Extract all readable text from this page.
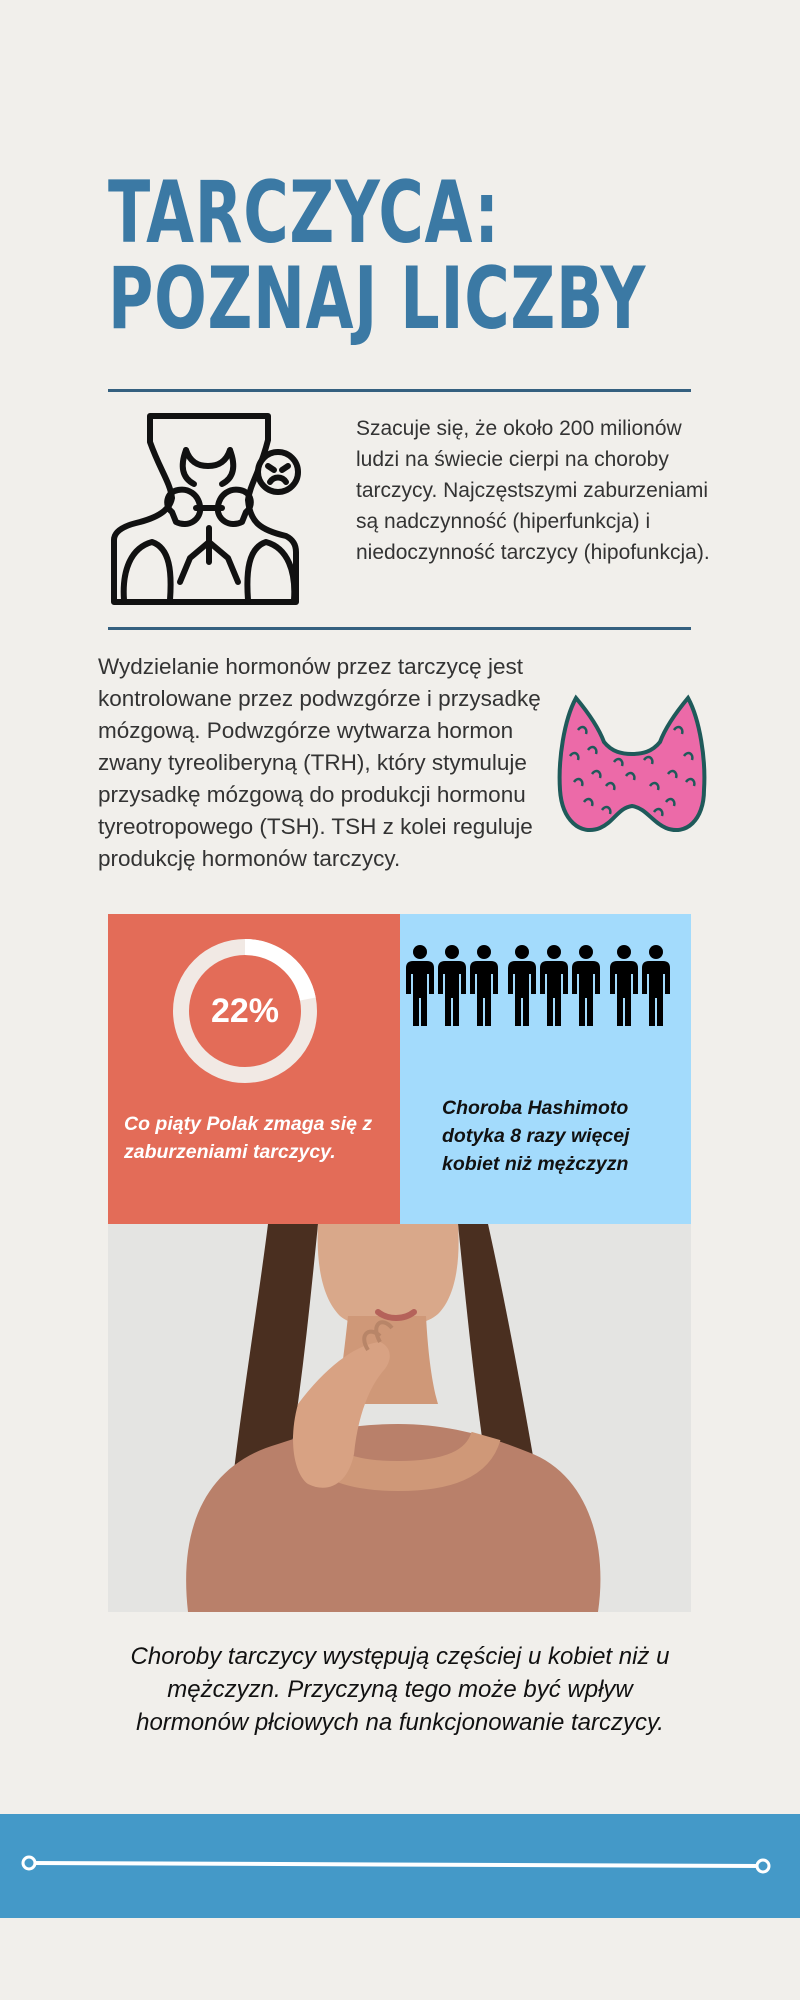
TARCZYCA:
POZNAJ LICZBY

Szacuje się, że około 200 milionów ludzi na świecie cierpi na choroby tarczycy. Najczęstszymi zaburzeniami są nadczynność (hiperfunkcja) i niedoczynność tarczycy (hipofunkcja).

Wydzielanie hormonów przez tarczycę jest kontrolowane przez podwzgórze i przysadkę mózgową. Podwzgórze wytwarza hormon zwany tyreoliberyną (TRH), który stymuluje przysadkę mózgową do produkcji hormonu tyreotropowego (TSH). TSH z kolei reguluje produkcję hormonów tarczycy.

22%

Co piąty Polak zmaga się z zaburzeniami tarczycy.

Choroba Hashimoto dotyka 8 razy więcej kobiet niż mężczyzn

Choroby tarczycy występują częściej u kobiet niż u mężczyzn. Przyczyną tego może być wpływ hormonów płciowych na funkcjonowanie tarczycy.
